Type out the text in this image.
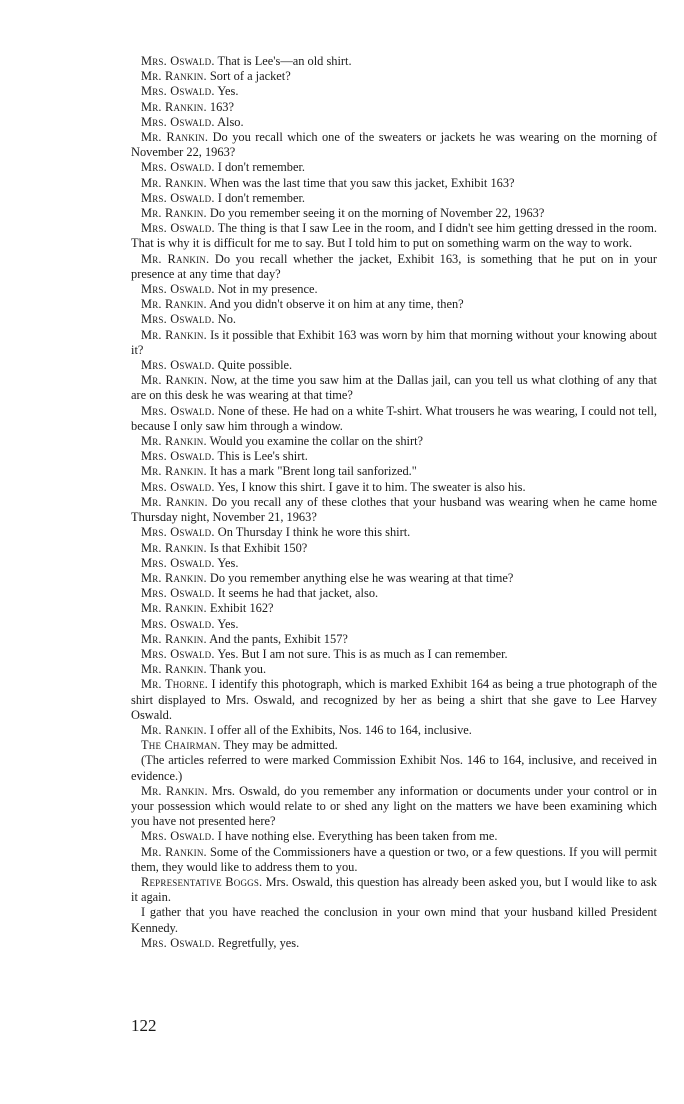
Mrs. Oswald. That is Lee's—an old shirt.

Mr. Rankin. Sort of a jacket?

Mrs. Oswald. Yes.

Mr. Rankin. 163?

Mrs. Oswald. Also.

Mr. Rankin. Do you recall which one of the sweaters or jackets he was wearing on the morning of November 22, 1963?

Mrs. Oswald. I don't remember.

Mr. Rankin. When was the last time that you saw this jacket, Exhibit 163?

Mrs. Oswald. I don't remember.

Mr. Rankin. Do you remember seeing it on the morning of November 22, 1963?

Mrs. Oswald. The thing is that I saw Lee in the room, and I didn't see him getting dressed in the room. That is why it is difficult for me to say. But I told him to put on something warm on the way to work.

Mr. Rankin. Do you recall whether the jacket, Exhibit 163, is something that he put on in your presence at any time that day?

Mrs. Oswald. Not in my presence.

Mr. Rankin. And you didn't observe it on him at any time, then?

Mrs. Oswald. No.

Mr. Rankin. Is it possible that Exhibit 163 was worn by him that morning without your knowing about it?

Mrs. Oswald. Quite possible.

Mr. Rankin. Now, at the time you saw him at the Dallas jail, can you tell us what clothing of any that are on this desk he was wearing at that time?

Mrs. Oswald. None of these. He had on a white T-shirt. What trousers he was wearing, I could not tell, because I only saw him through a window.

Mr. Rankin. Would you examine the collar on the shirt?

Mrs. Oswald. This is Lee's shirt.

Mr. Rankin. It has a mark "Brent long tail sanforized."

Mrs. Oswald. Yes, I know this shirt. I gave it to him. The sweater is also his.

Mr. Rankin. Do you recall any of these clothes that your husband was wearing when he came home Thursday night, November 21, 1963?

Mrs. Oswald. On Thursday I think he wore this shirt.

Mr. Rankin. Is that Exhibit 150?

Mrs. Oswald. Yes.

Mr. Rankin. Do you remember anything else he was wearing at that time?

Mrs. Oswald. It seems he had that jacket, also.

Mr. Rankin. Exhibit 162?

Mrs. Oswald. Yes.

Mr. Rankin. And the pants, Exhibit 157?

Mrs. Oswald. Yes. But I am not sure. This is as much as I can remember.

Mr. Rankin. Thank you.

Mr. Thorne. I identify this photograph, which is marked Exhibit 164 as being a true photograph of the shirt displayed to Mrs. Oswald, and recognized by her as being a shirt that she gave to Lee Harvey Oswald.

Mr. Rankin. I offer all of the Exhibits, Nos. 146 to 164, inclusive.

The Chairman. They may be admitted.

(The articles referred to were marked Commission Exhibit Nos. 146 to 164, inclusive, and received in evidence.)

Mr. Rankin. Mrs. Oswald, do you remember any information or documents under your control or in your possession which would relate to or shed any light on the matters we have been examining which you have not presented here?

Mrs. Oswald. I have nothing else. Everything has been taken from me.

Mr. Rankin. Some of the Commissioners have a question or two, or a few questions. If you will permit them, they would like to address them to you.

Representative Boggs. Mrs. Oswald, this question has already been asked you, but I would like to ask it again.

I gather that you have reached the conclusion in your own mind that your husband killed President Kennedy.

Mrs. Oswald. Regretfully, yes.

122
